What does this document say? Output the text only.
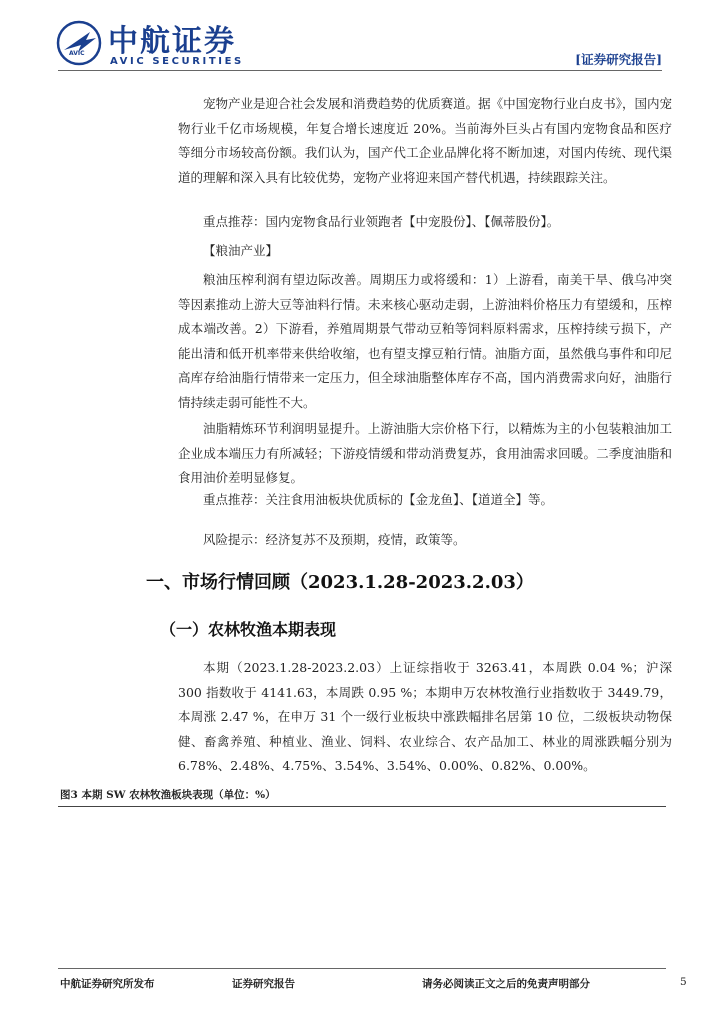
AVIC 中航证券
AVIC SECURITIES	[证券研究报告]

宠物产业是迎合社会发展和消费趋势的优质赛道。据《中国宠物行业白皮书》，国内宠物行业千亿市场规模，年复合增长速度近 20%。当前海外巨头占有国内宠物食品和医疗等细分市场较高份额。我们认为，国产代工企业品牌化将不断加速，对国内传统、现代渠道的理解和深入具有比较优势，宠物产业将迎来国产替代机遇，持续跟踪关注。

重点推荐：国内宠物食品行业领跑者【中宠股份】、【佩蒂股份】。

【粮油产业】

粮油压榨利润有望边际改善。周期压力或将缓和：1）上游看，南美干旱、俄乌冲突等因素推动上游大豆等油料行情。未来核心驱动走弱，上游油料价格压力有望缓和，压榨成本端改善。2）下游看，养殖周期景气带动豆粕等饲料原料需求，压榨持续亏损下，产能出清和低开机率带来供给收缩，也有望支撑豆粕行情。油脂方面，虽然俄乌事件和印尼高库存给油脂行情带来一定压力，但全球油脂整体库存不高，国内消费需求向好，油脂行情持续走弱可能性不大。

油脂精炼环节利润明显提升。上游油脂大宗价格下行，以精炼为主的小包装粮油加工企业成本端压力有所减轻；下游疫情缓和带动消费复苏，食用油需求回暖。二季度油脂和食用油价差明显修复。

重点推荐：关注食用油板块优质标的【金龙鱼】、【道道全】等。

风险提示：经济复苏不及预期，疫情，政策等。

一、市场行情回顾（2023.1.28-2023.2.03）
（一）农林牧渔本期表现

本期（2023.1.28-2023.2.03）上证综指收于 3263.41，本周跌 0.04 %；沪深 300 指数收于 4141.63，本周跌 0.95 %；本期申万农林牧渔行业指数收于 3449.79，本周涨 2.47 %，在申万 31 个一级行业板块中涨跌幅排名居第 10 位，二级板块动物保健、畜禽养殖、种植业、渔业、饲料、农业综合、农产品加工、林业的周涨跌幅分别为 6.78%、2.48%、4.75%、3.54%、3.54%、0.00%、0.82%、0.00%。

图3 本期 SW 农林牧渔板块表现（单位：%）
中航证券研究所发布	证券研究报告	请务必阅读正文之后的免责声明部分	5
